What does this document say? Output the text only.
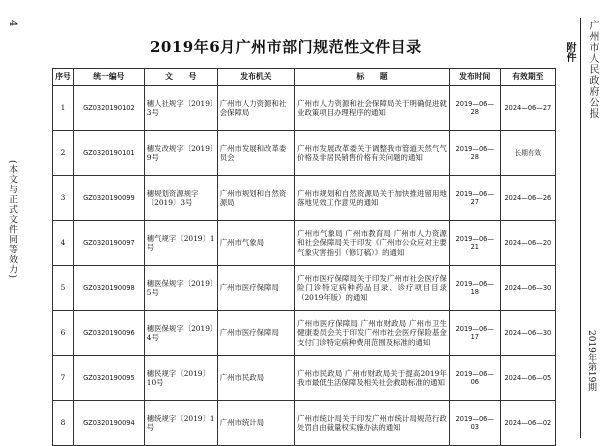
4
(本文与正式文件同等效力)
附件 广州市人民政府公报
2019年第19期
2019年6月广州市部门规范性文件目录
序号	统一编号	文　　号	发布机关	标　　题	发布时间	有效期至
1	GZ0320190102	穗人社规字〔2019〕3号	广州市人力资源和社会保障局	广州市人力资源和社会保障局关于明确促进就业政策项目办理程序的通知	2019—06—28	2024—06—27
2	GZ0320190101	穗发改规字〔2019〕9号	广州市发展和改革委员会	广州市发展改革委关于调整我市管道天然气气价格及非居民销售价格有关问题的通知	2019—06—28	长期有效
3	GZ0320190099	穗规划资源规字〔2019〕3号	广州市规划和自然资源局	广州市规划和自然资源局关于加快推进留用地落地见效工作意见的通知	2019—06—27	2024—06—26
4	GZ0320190097	穗气规字〔2019〕1号	广州市气象局	广州市气象局 广州市教育局 广州市人力资源和社会保障局关于印发《广州市公众应对主要气象灾害指引（修订稿）》的通知	2019—06—21	2024—06—20
5	GZ0320190098	穗医保规字〔2019〕5号	广州市医疗保障局	广州市医疗保障局关于印发广州市社会医疗保险门诊特定病种药品目录、诊疗项目目录（2019年版）的通知	2019—06—18	2024—06—30
6	GZ0320190096	穗医保规字〔2019〕4号	广州市医疗保障局	广州市医疗保障局 广州市财政局 广州市卫生健康委员会关于印发广州市社会医疗保险基金支付门诊特定病种费用范围及标准的通知	2019—06—17	2024—06—30
7	GZ0320190095	穗民规字〔2019〕10号	广州市民政局	广州市民政局 广州市财政局关于提高2019年我市最低生活保障及相关社会救助标准的通知	2019—06—06	2024—06—05
8	GZ0320190094	穗统规字〔2019〕1号	广州市统计局	广州市统计局关于印发广州市统计局规范行政处罚自由裁量权实施办法的通知	2019—06—03	2024—06—02
